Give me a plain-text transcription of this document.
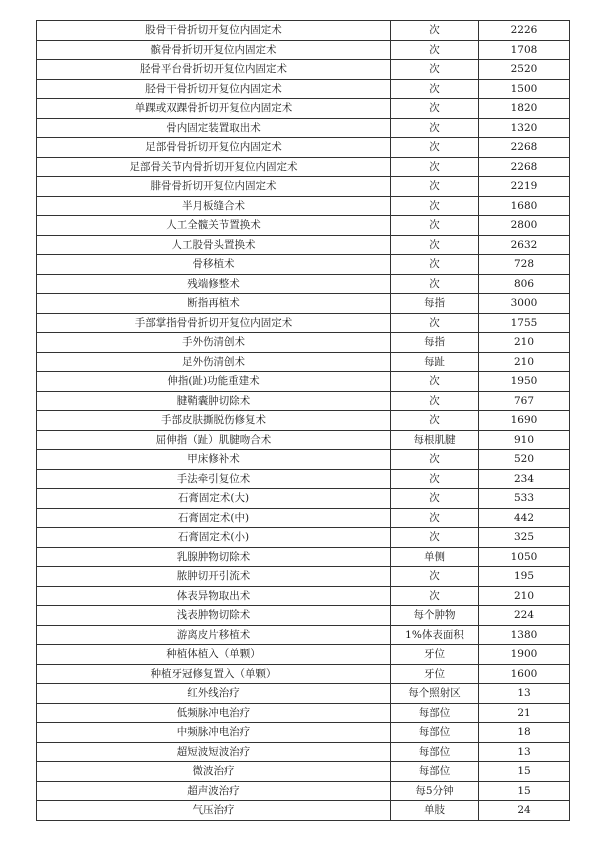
股骨干骨折切开复位内固定术	次	2226
髌骨骨折切开复位内固定术	次	1708
胫骨平台骨折切开复位内固定术	次	2520
胫骨干骨折切开复位内固定术	次	1500
单踝或双踝骨折切开复位内固定术	次	1820
骨内固定装置取出术	次	1320
足部骨骨折切开复位内固定术	次	2268
足部骨关节内骨折切开复位内固定术	次	2268
腓骨骨折切开复位内固定术	次	2219
半月板缝合术	次	1680
人工全髋关节置换术	次	2800
人工股骨头置换术	次	2632
骨移植术	次	728
残端修整术	次	806
断指再植术	每指	3000
手部掌指骨骨折切开复位内固定术	次	1755
手外伤清创术	每指	210
足外伤清创术	每趾	210
伸指(趾)功能重建术	次	1950
腱鞘囊肿切除术	次	767
手部皮肤撕脱伤修复术	次	1690
屈伸指（趾）肌腱吻合术	每根肌腱	910
甲床修补术	次	520
手法牵引复位术	次	234
石膏固定术(大)	次	533
石膏固定术(中)	次	442
石膏固定术(小)	次	325
乳腺肿物切除术	单侧	1050
脓肿切开引流术	次	195
体表异物取出术	次	210
浅表肿物切除术	每个肿物	224
游离皮片移植术	1%体表面积	1380
种植体植入（单颗）	牙位	1900
种植牙冠修复置入（单颗）	牙位	1600
红外线治疗	每个照射区	13
低频脉冲电治疗	每部位	21
中频脉冲电治疗	每部位	18
超短波短波治疗	每部位	13
微波治疗	每部位	15
超声波治疗	每5分钟	15
气压治疗	单肢	24
